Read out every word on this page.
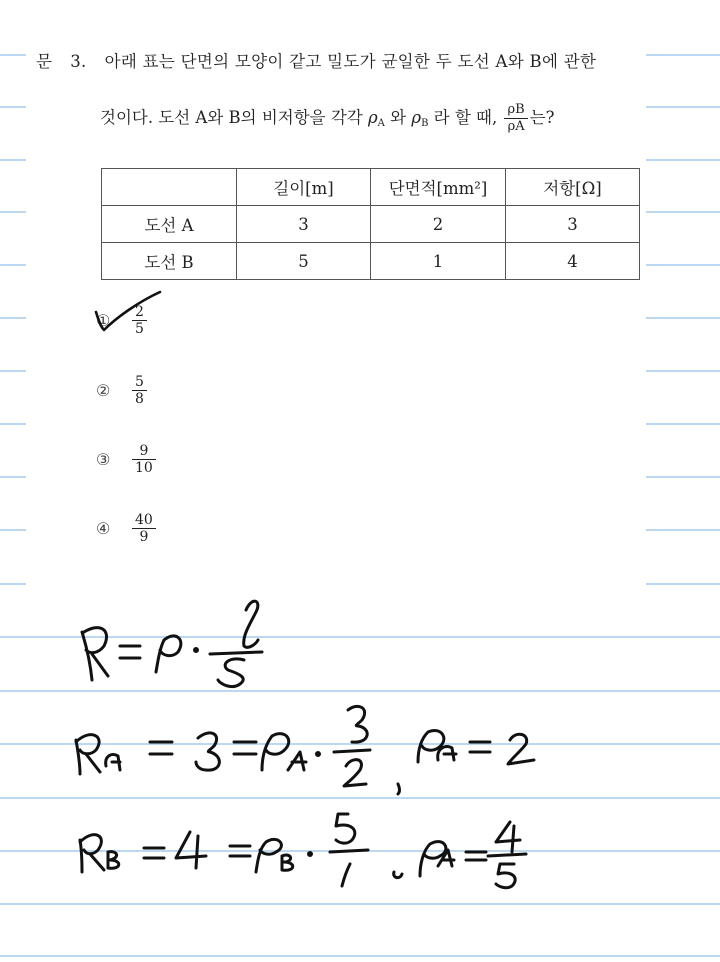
문 3. 아래 표는 단면의 모양이 같고 밀도가 균일한 두 도선 A와 B에 관한
것이다. 도선 A와 B의 비저항을 각각 $\rho_A$ 와 $\rho_B$ 라 할 때, $\frac{\rho B}{\rho A}$ 는?
	길이[m]	단면적[mm²]	저항[Ω]
도선 A	3	2	3
도선 B	5	1	4
①	$\frac{2}{5}$
②	$\frac{5}{8}$
③	$\frac{9}{10}$
④	$\frac{40}{9}$
